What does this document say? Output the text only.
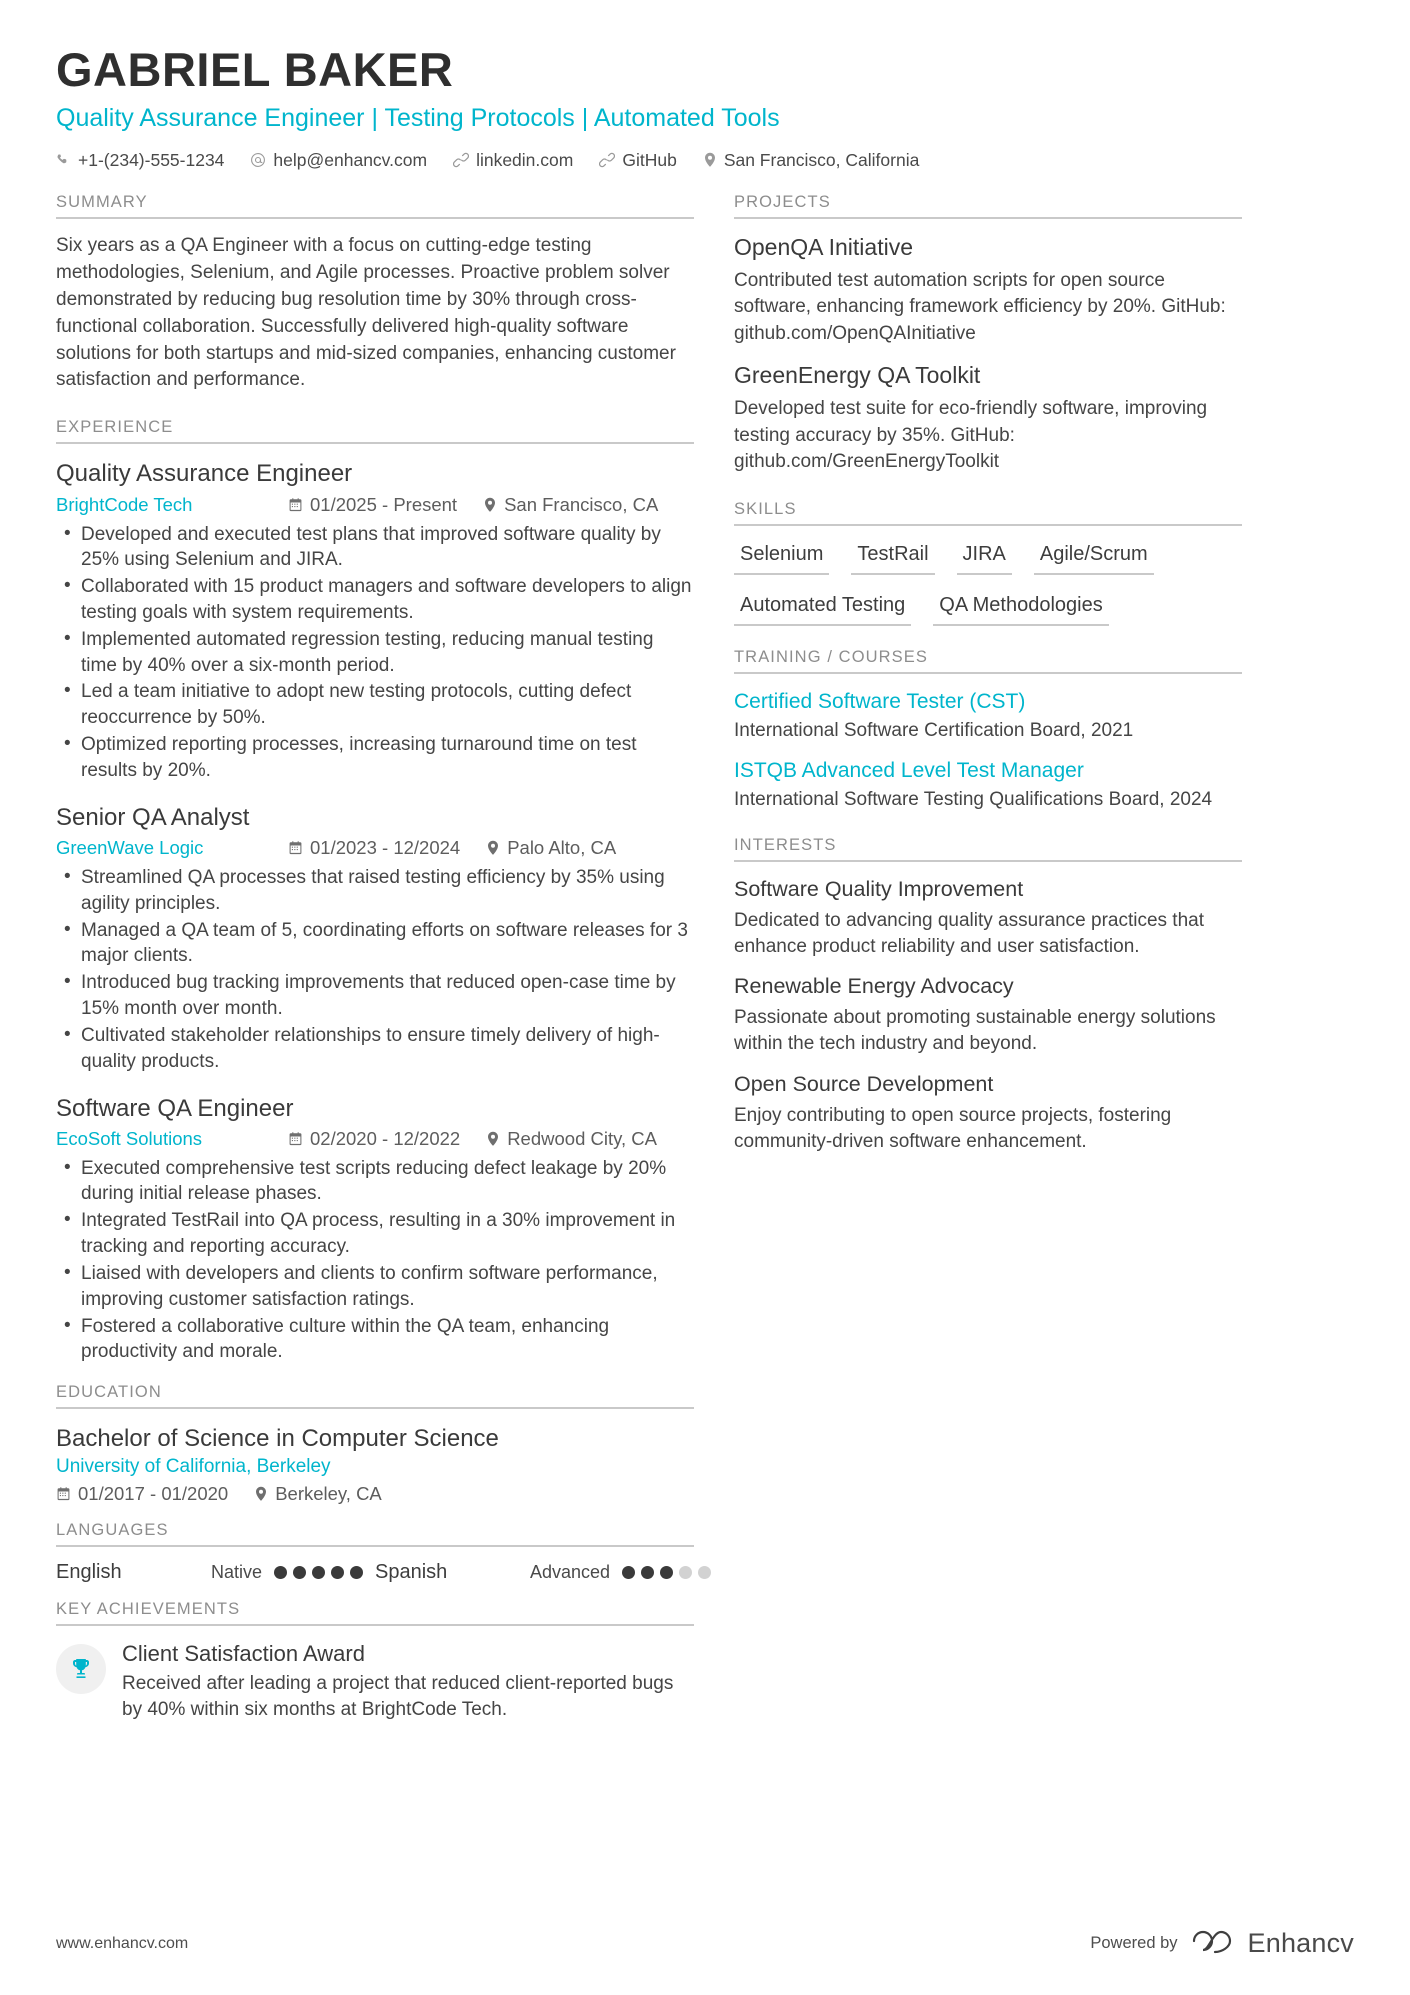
GABRIEL BAKER
Quality Assurance Engineer | Testing Protocols | Automated Tools
+1-(234)-555-1234	help@enhancv.com	linkedin.com	GitHub	San Francisco, California
SUMMARY
Six years as a QA Engineer with a focus on cutting-edge testing methodologies, Selenium, and Agile processes. Proactive problem solver demonstrated by reducing bug resolution time by 30% through cross-functional collaboration. Successfully delivered high-quality software solutions for both startups and mid-sized companies, enhancing customer satisfaction and performance.
EXPERIENCE
Quality Assurance Engineer
BrightCode Tech	01/2025 - Present	San Francisco, CA
• Developed and executed test plans that improved software quality by 25% using Selenium and JIRA.
• Collaborated with 15 product managers and software developers to align testing goals with system requirements.
• Implemented automated regression testing, reducing manual testing time by 40% over a six-month period.
• Led a team initiative to adopt new testing protocols, cutting defect reoccurrence by 50%.
• Optimized reporting processes, increasing turnaround time on test results by 20%.
Senior QA Analyst
GreenWave Logic	01/2023 - 12/2024	Palo Alto, CA
• Streamlined QA processes that raised testing efficiency by 35% using agility principles.
• Managed a QA team of 5, coordinating efforts on software releases for 3 major clients.
• Introduced bug tracking improvements that reduced open-case time by 15% month over month.
• Cultivated stakeholder relationships to ensure timely delivery of high-quality products.
Software QA Engineer
EcoSoft Solutions	02/2020 - 12/2022	Redwood City, CA
• Executed comprehensive test scripts reducing defect leakage by 20% during initial release phases.
• Integrated TestRail into QA process, resulting in a 30% improvement in tracking and reporting accuracy.
• Liaised with developers and clients to confirm software performance, improving customer satisfaction ratings.
• Fostered a collaborative culture within the QA team, enhancing productivity and morale.
EDUCATION
Bachelor of Science in Computer Science
University of California, Berkeley
01/2017 - 01/2020	Berkeley, CA
LANGUAGES
English	Native	Spanish	Advanced
KEY ACHIEVEMENTS
Client Satisfaction Award
Received after leading a project that reduced client-reported bugs by 40% within six months at BrightCode Tech.
PROJECTS
OpenQA Initiative
Contributed test automation scripts for open source software, enhancing framework efficiency by 20%. GitHub: github.com/OpenQAInitiative
GreenEnergy QA Toolkit
Developed test suite for eco-friendly software, improving testing accuracy by 35%. GitHub: github.com/GreenEnergyToolkit
SKILLS
Selenium	TestRail	JIRA	Agile/Scrum
Automated Testing	QA Methodologies
TRAINING / COURSES
Certified Software Tester (CST)
International Software Certification Board, 2021
ISTQB Advanced Level Test Manager
International Software Testing Qualifications Board, 2024
INTERESTS
Software Quality Improvement
Dedicated to advancing quality assurance practices that enhance product reliability and user satisfaction.
Renewable Energy Advocacy
Passionate about promoting sustainable energy solutions within the tech industry and beyond.
Open Source Development
Enjoy contributing to open source projects, fostering community-driven software enhancement.
www.enhancv.com	Powered by	Enhancv
